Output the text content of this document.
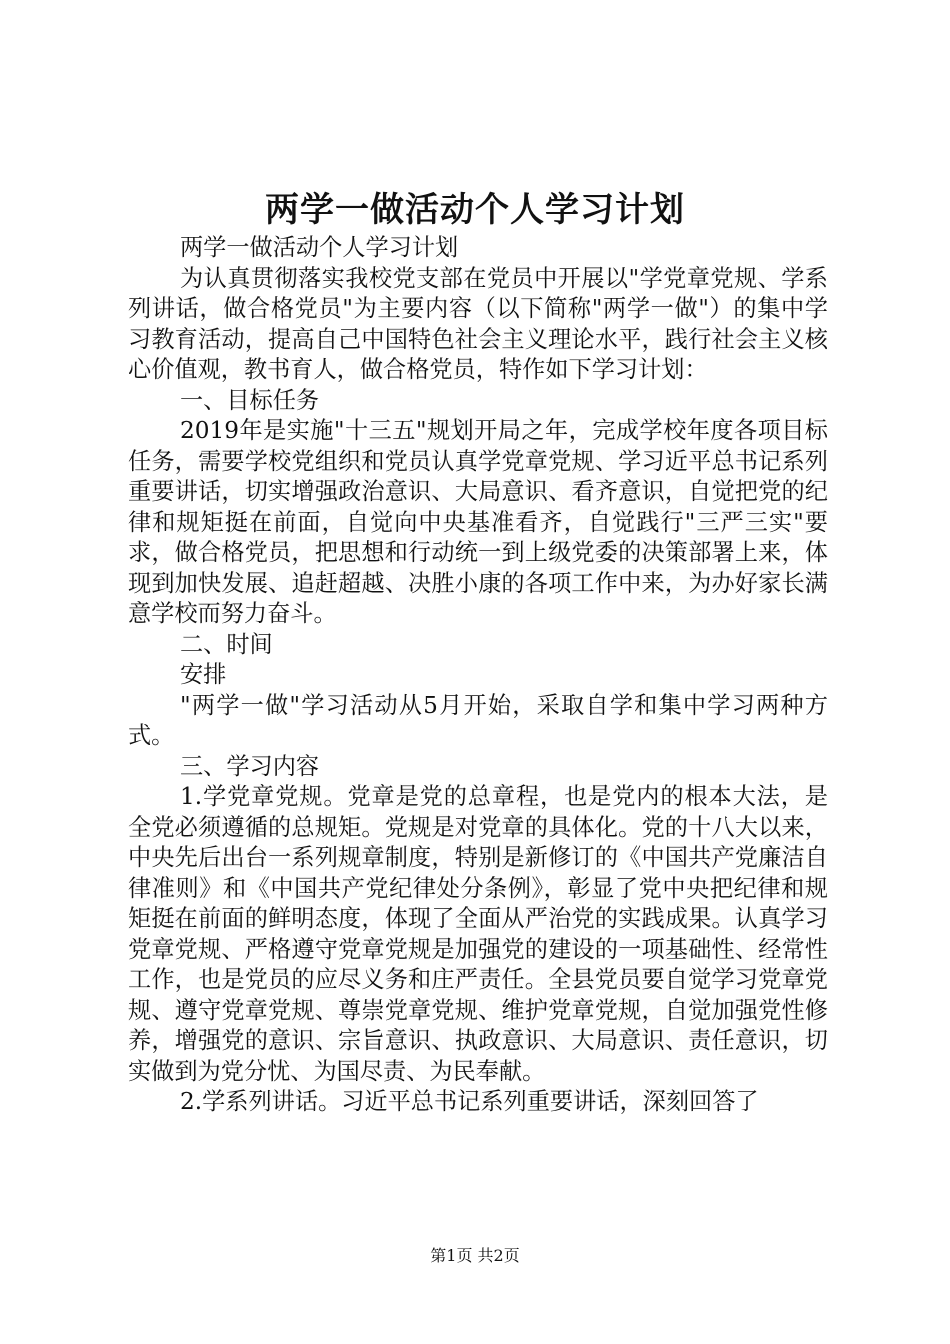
两学一做活动个人学习计划

两学一做活动个人学习计划

为认真贯彻落实我校党支部在党员中开展以"学党章党规、学系列讲话，做合格党员"为主要内容（以下简称"两学一做"）的集中学习教育活动，提高自己中国特色社会主义理论水平，践行社会主义核心价值观，教书育人，做合格党员，特作如下学习计划：

一、目标任务

2019年是实施"十三五"规划开局之年，完成学校年度各项目标任务，需要学校党组织和党员认真学党章党规、学习近平总书记系列重要讲话，切实增强政治意识、大局意识、看齐意识，自觉把党的纪律和规矩挺在前面，自觉向中央基准看齐，自觉践行"三严三实"要求，做合格党员，把思想和行动统一到上级党委的决策部署上来，体现到加快发展、追赶超越、决胜小康的各项工作中来，为办好家长满意学校而努力奋斗。

二、时间

安排

"两学一做"学习活动从5月开始，采取自学和集中学习两种方式。

三、学习内容

1.学党章党规。党章是党的总章程，也是党内的根本大法，是全党必须遵循的总规矩。党规是对党章的具体化。党的十八大以来，中央先后出台一系列规章制度，特别是新修订的《中国共产党廉洁自律准则》和《中国共产党纪律处分条例》，彰显了党中央把纪律和规矩挺在前面的鲜明态度，体现了全面从严治党的实践成果。认真学习党章党规、严格遵守党章党规是加强党的建设的一项基础性、经常性工作，也是党员的应尽义务和庄严责任。全县党员要自觉学习党章党规、遵守党章党规、尊崇党章党规、维护党章党规，自觉加强党性修养，增强党的意识、宗旨意识、执政意识、大局意识、责任意识，切实做到为党分忧、为国尽责、为民奉献。

2.学系列讲话。习近平总书记系列重要讲话，深刻回答了

第1页 共2页
